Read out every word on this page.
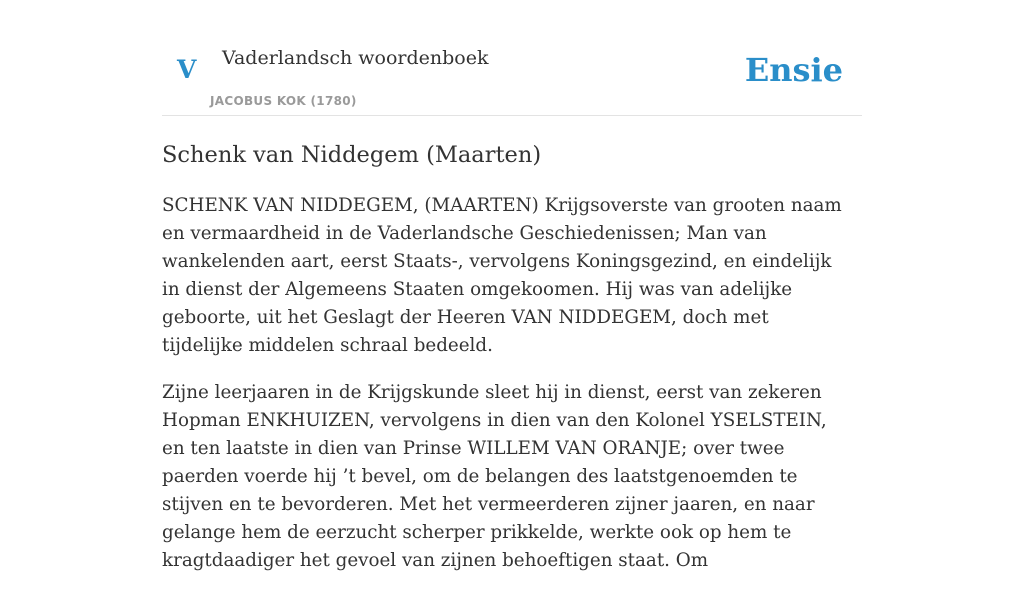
V Vaderlandsch woordenboek
JACOBUS KOK (1780)
Ensie
Schenk van Niddegem (Maarten)

SCHENK VAN NIDDEGEM, (MAARTEN) Krijgsoverste van grooten naam en vermaardheid in de Vaderlandsche Geschiedenissen; Man van wankelenden aart, eerst Staats-, vervolgens Koningsgezind, en eindelijk in dienst der Algemeens Staaten omgekoomen. Hij was van adelijke geboorte, uit het Geslagt der Heeren VAN NIDDEGEM, doch met tijdelijke middelen schraal bedeeld.

Zijne leerjaaren in de Krijgskunde sleet hij in dienst, eerst van zekeren Hopman ENKHUIZEN, vervolgens in dien van den Kolonel YSELSTEIN, en ten laatste in dien van Prinse WILLEM VAN ORANJE; over twee paerden voerde hij ’t bevel, om de belangen des laatstgenoemden te stijven en te bevorderen. Met het vermeerderen zijner jaaren, en naar gelange hem de eerzucht scherper prikkelde, werkte ook op hem te kragtdaadiger het gevoel van zijnen behoeftigen staat. Om
